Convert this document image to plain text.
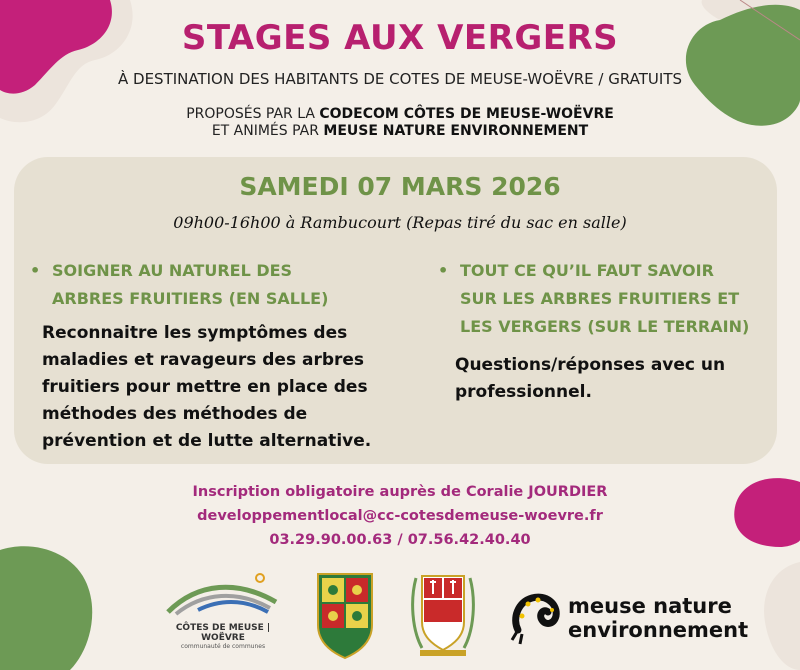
STAGES AUX VERGERS
À DESTINATION DES HABITANTS DE COTES DE MEUSE-WOËVRE / GRATUITS
PROPOSÉS PAR LA CODECOM CÔTES DE MEUSE-WOËVRE
ET ANIMÉS PAR MEUSE NATURE ENVIRONNEMENT
SAMEDI 07 MARS 2026
09h00-16h00 à Rambucourt (Repas tiré du sac en salle)
• SOIGNER AU NATUREL DES
ARBRES FRUITIERS (EN SALLE)
Reconnaitre les symptômes des
maladies et ravageurs des arbres
fruitiers pour mettre en place des
méthodes des méthodes de
prévention et de lutte alternative.
• TOUT CE QU’IL FAUT SAVOIR
SUR LES ARBRES FRUITIERS ET
LES VERGERS (SUR LE TERRAIN)
Questions/réponses avec un
professionnel.
Inscription obligatoire auprès de Coralie JOURDIER
developpementlocal@cc-cotesdemeuse-woevre.fr
03.29.90.00.63 / 07.56.42.40.40
CÔTES DE MEUSE | WOËVRE
communauté de communes
meuse nature
environnement
